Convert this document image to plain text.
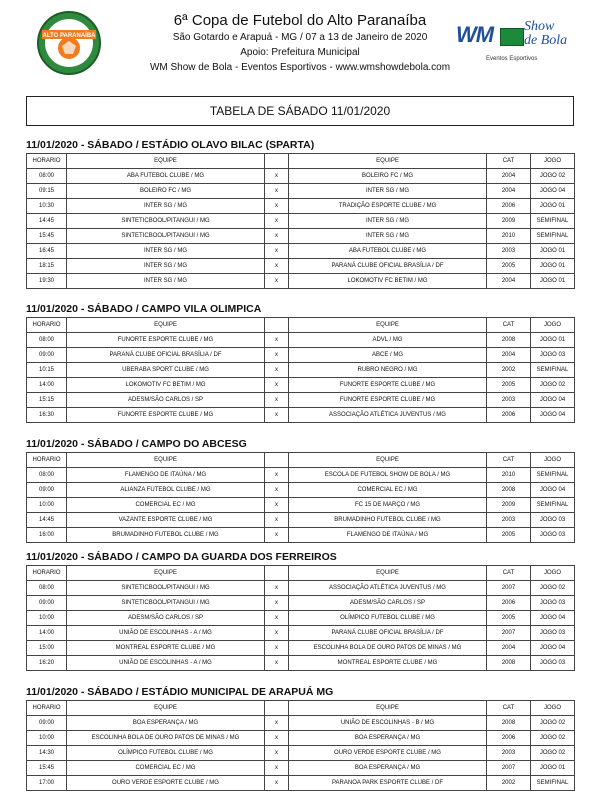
ALTO PARANAÍBA
6ª Copa de Futebol do Alto Paranaíba
São Gotardo e Arapuá - MG / 07 a 13 de Janeiro de 2020
Apoio: Prefeitura Municipal
WM Show de Bola - Eventos Esportivos - www.wmshowdebola.com
WM Show
de Bola
Eventos Esportivos
TABELA DE SÁBADO 11/01/2020
11/01/2020 - SÁBADO / ESTÁDIO OLAVO BILAC (SPARTA)
HORARIO	EQUIPE		EQUIPE	CAT	JOGO
08:00	ABA FUTEBOL CLUBE / MG	x	BOLEIRO FC / MG	2004	JOGO 02
09:15	BOLEIRO FC / MG	x	INTER SG / MG	2004	JOGO 04
10:30	INTER SG / MG	x	TRADIÇÃO ESPORTE CLUBE / MG	2006	JOGO 01
14:45	SINTETICBOOL/PITANGUI / MG	x	INTER SG / MG	2009	SEMIFINAL
15:45	SINTETICBOOL/PITANGUI / MG	x	INTER SG / MG	2010	SEMIFINAL
16:45	INTER SG / MG	x	ABA FUTEBOL CLUBE / MG	2003	JOGO 01
18:15	INTER SG / MG	x	PARANÁ CLUBE OFICIAL BRASÍLIA / DF	2005	JOGO 01
19:30	INTER SG / MG	x	LOKOMOTIV FC BETIM / MG	2004	JOGO 01
11/01/2020 - SÁBADO / CAMPO VILA OLIMPICA
HORARIO	EQUIPE		EQUIPE	CAT	JOGO
08:00	FUNORTE ESPORTE CLUBE / MG	x	ADVL / MG	2008	JOGO 01
09:00	PARANÁ CLUBE OFICIAL BRASÍLIA / DF	x	ABCE / MG	2004	JOGO 03
10:15	UBERABA SPORT CLUBE / MG	x	RUBRO NEGRO / MG	2002	SEMIFINAL
14:00	LOKOMOTIV FC BETIM / MG	x	FUNORTE ESPORTE CLUBE / MG	2005	JOGO 02
15:15	ADESM/SÃO CARLOS / SP	x	FUNORTE ESPORTE CLUBE / MG	2003	JOGO 04
16:30	FUNORTE ESPORTE CLUBE / MG	x	ASSOCIAÇÃO ATLÉTICA JUVENTUS / MG	2006	JOGO 04
11/01/2020 - SÁBADO / CAMPO DO ABCESG
HORARIO	EQUIPE		EQUIPE	CAT	JOGO
08:00	FLAMENGO DE ITAÚNA / MG	x	ESCOLA DE FUTEBOL SHOW DE BOLA / MG	2010	SEMIFINAL
09:00	ALIANZA FUTEBOL CLUBE / MG	x	COMERCIAL EC / MG	2008	JOGO 04
10:00	COMERCIAL EC / MG	x	FC 15 DE MARÇO / MG	2009	SEMIFINAL
14:45	VAZANTE ESPORTE CLUBE / MG	x	BRUMADINHO FUTEBOL CLUBE / MG	2003	JOGO 03
16:00	BRUMADINHO FUTEBOL CLUBE / MG	x	FLAMENGO DE ITAÚNA / MG	2005	JOGO 03
11/01/2020 - SÁBADO / CAMPO DA GUARDA DOS FERREIROS
HORARIO	EQUIPE		EQUIPE	CAT	JOGO
08:00	SINTETICBOOL/PITANGUI / MG	x	ASSOCIAÇÃO ATLÉTICA JUVENTUS / MG	2007	JOGO 02
09:00	SINTETICBOOL/PITANGUI / MG	x	ADESM/SÃO CARLOS / SP	2006	JOGO 03
10:00	ADESM/SÃO CARLOS / SP	x	OLÍMPICO FUTEBOL CLUBE / MG	2005	JOGO 04
14:00	UNIÃO DE ESCOLINHAS - A / MG	x	PARANÁ CLUBE OFICIAL BRASÍLIA / DF	2007	JOGO 03
15:00	MONTREAL ESPORTE CLUBE / MG	x	ESCOLINHA BOLA DE OURO PATOS DE MINAS / MG	2004	JOGO 04
16:20	UNIÃO DE ESCOLINHAS - A / MG	x	MONTREAL ESPORTE CLUBE / MG	2008	JOGO 03
11/01/2020 - SÁBADO / ESTÁDIO MUNICIPAL DE ARAPUÁ MG
HORARIO	EQUIPE		EQUIPE	CAT	JOGO
09:00	BOA ESPERANÇA / MG	x	UNIÃO DE ESCOLINHAS - B / MG	2008	JOGO 02
10:00	ESCOLINHA BOLA DE OURO PATOS DE MINAS / MG	x	BOA ESPERANÇA / MG	2006	JOGO 02
14:30	OLÍMPICO FUTEBOL CLUBE / MG	x	OURO VERDE ESPORTE CLUBE / MG	2003	JOGO 02
15:45	COMERCIAL EC / MG	x	BOA ESPERANÇA / MG	2007	JOGO 01
17:00	OURO VERDE ESPORTE CLUBE / MG	x	PARANOA PARK ESPORTE CLUBE / DF	2002	SEMIFINAL
